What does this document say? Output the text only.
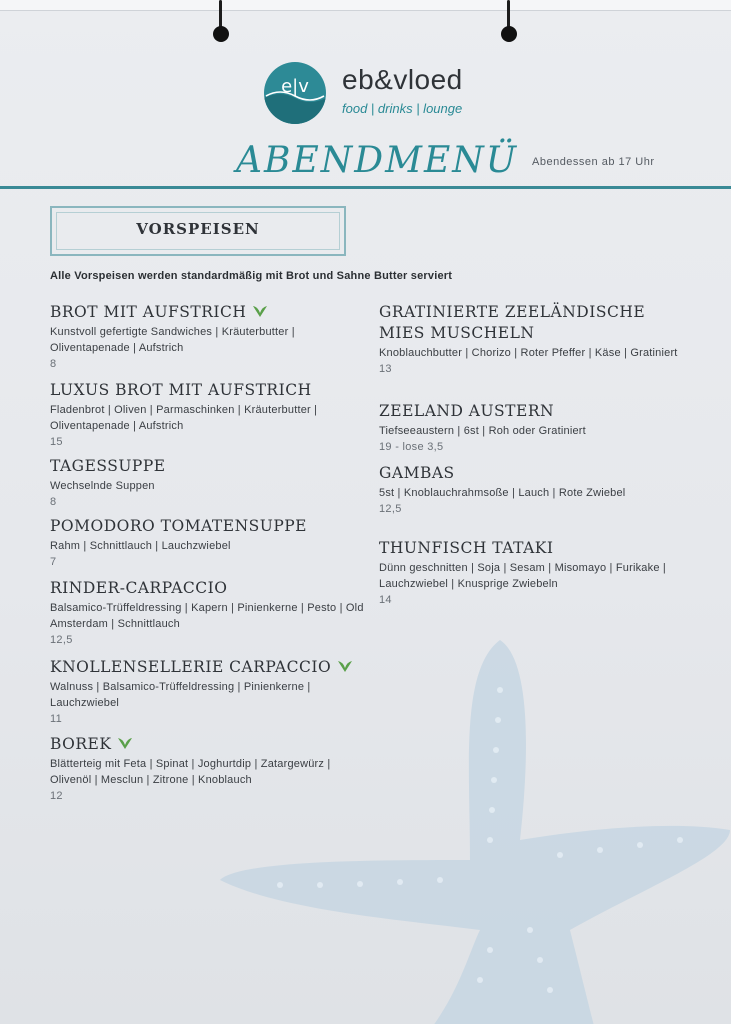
e|v eb&vloed
food | drinks | lounge
ABENDMENÜ Abendessen ab 17 Uhr
VORSPEISEN
Alle Vorspeisen werden standardmäßig mit Brot und Sahne Butter serviert
BROT MIT AUFSTRICH
Kunstvoll gefertigte Sandwiches | Kräuterbutter | Oliventapenade | Aufstrich
8
LUXUS BROT MIT AUFSTRICH
Fladenbrot | Oliven | Parmaschinken | Kräuterbutter | Oliventapenade | Aufstrich
15
TAGESSUPPE
Wechselnde Suppen
8
POMODORO TOMATENSUPPE
Rahm | Schnittlauch | Lauchzwiebel
7
RINDER-CARPACCIO
Balsamico-Trüffeldressing | Kapern | Pinienkerne | Pesto | Old Amsterdam | Schnittlauch
12,5
KNOLLENSELLERIE CARPACCIO
Walnuss | Balsamico-Trüffeldressing | Pinienkerne | Lauchzwiebel
11
BOREK
Blätterteig mit Feta | Spinat | Joghurtdip | Zatargewürz | Olivenöl | Mesclun | Zitrone | Knoblauch
12
GRATINIERTE ZEELÄNDISCHE MIES MUSCHELN
Knoblauchbutter | Chorizo | Roter Pfeffer | Käse | Gratiniert
13
ZEELAND AUSTERN
Tiefseeaustern | 6st | Roh oder Gratiniert
19 - lose 3,5
GAMBAS
5st | Knoblauchrahmsoße | Lauch | Rote Zwiebel
12,5
THUNFISCH TATAKI
Dünn geschnitten | Soja | Sesam | Misomayo | Furikake | Lauchzwiebel | Knusprige Zwiebeln
14
